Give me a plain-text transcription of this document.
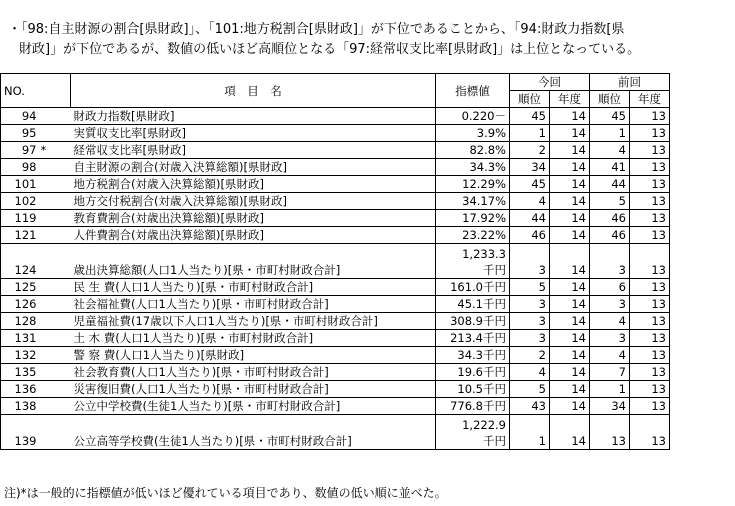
・「98:自主財源の割合[県財政]」、「101:地方税割合[県財政]」が下位であることから、「94:財政力指数[県

財政]」が下位であるが、数値の低いほど高順位となる「97:経常収支比率[県財政]」は上位となっている。

NO.		項　目　名	指標値	今回		前回	
				順位	年度	順位	年度
94		財政力指数[県財政]	0.220－	45	14	45	13
95		実質収支比率[県財政]	3.9%	1	14	1	13
97	*	経常収支比率[県財政]	82.8%	2	14	4	13
98		自主財源の割合(対歳入決算総額)[県財政]	34.3%	34	14	41	13
101		地方税割合(対歳入決算総額)[県財政]	12.29%	45	14	44	13
102		地方交付税割合(対歳入決算総額)[県財政]	34.17%	4	14	5	13
119		教育費割合(対歳出決算総額)[県財政]	17.92%	44	14	46	13
121		人件費割合(対歳出決算総額)[県財政]	23.22%	46	14	46	13
124		歳出決算総額(人口1人当たり)[県・市町村財政合計]	1,233.3
千円	3	14	3	13
125		民 生 費(人口1人当たり)[県・市町村財政合計]	161.0千円	5	14	6	13
126		社会福祉費(人口1人当たり)[県・市町村財政合計]	45.1千円	3	14	3	13
128		児童福祉費(17歳以下人口1人当たり)[県・市町村財政合計]	308.9千円	3	14	4	13
131		土 木 費(人口1人当たり)[県・市町村財政合計]	213.4千円	3	14	3	13
132		警 察 費(人口1人当たり)[県財政]	34.3千円	2	14	4	13
135		社会教育費(人口1人当たり)[県・市町村財政合計]	19.6千円	4	14	7	13
136		災害復旧費(人口1人当たり)[県・市町村財政合計]	10.5千円	5	14	1	13
138		公立中学校費(生徒1人当たり)[県・市町村財政合計]	776.8千円	43	14	34	13
139		公立高等学校費(生徒1人当たり)[県・市町村財政合計]	1,222.9
千円	1	14	13	13
注)*は一般的に指標値が低いほど優れている項目であり、数値の低い順に並べた。
